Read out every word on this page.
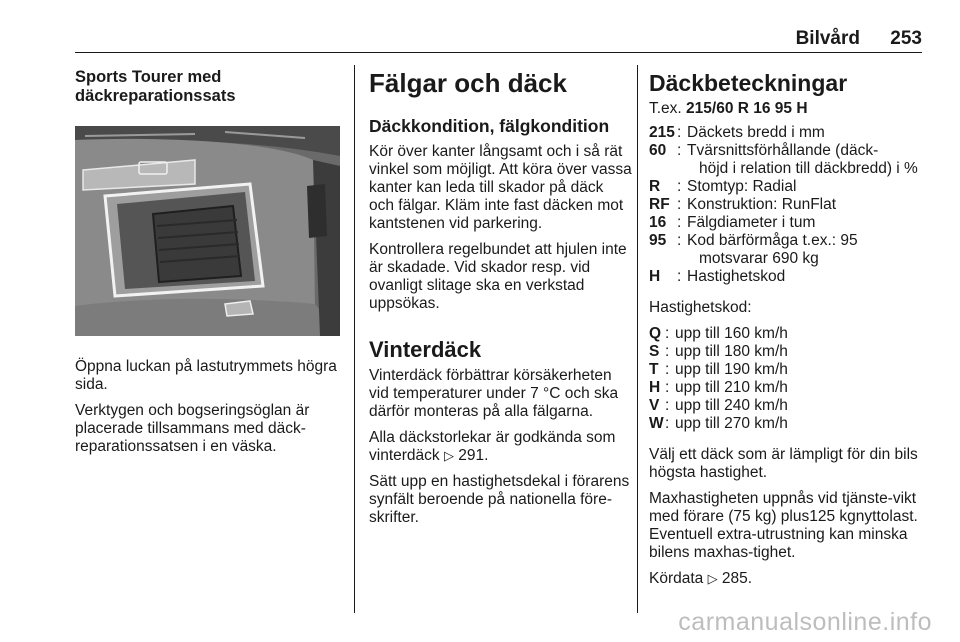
Bilvård 253
Sports Tourer med däckreparationssats

Öppna luckan på lastutrymmets högra sida.

Verktygen och bogseringsöglan är placerade tillsammans med däck-reparationssatsen i en väska.

Fälgar och däck
Däckkondition, fälgkondition

Kör över kanter långsamt och i så rät vinkel som möjligt. Att köra över vassa kanter kan leda till skador på däck och fälgar. Kläm inte fast däcken mot kantstenen vid parkering.

Kontrollera regelbundet att hjulen inte är skadade. Vid skador resp. vid ovanligt slitage ska en verkstad uppsökas.

Vinterdäck

Vinterdäck förbättrar körsäkerheten vid temperaturer under 7 °C och ska därför monteras på alla fälgarna.

Alla däckstorlekar är godkända som vinterdäck ▷ 291.

Sätt upp en hastighetsdekal i förarens synfält beroende på nationella före-skrifter.

Däckbeteckningar

T.ex. 215/60 R 16 95 H

215 : Däckets bredd i mm
60 : Tvärsnittsförhållande (däck-
höjd i relation till däckbredd) i %
R	: Stomtyp: Radial
RF : Konstruktion: RunFlat
16 : Fälgdiameter i tum
95 : Kod bärförmåga t.ex.: 95
motsvarar 690 kg
H	: Hastighetskod

Hastighetskod:

Q : upp till 160 km/h
S : upp till 180 km/h
T : upp till 190 km/h
H : upp till 210 km/h
V : upp till 240 km/h
W : upp till 270 km/h

Välj ett däck som är lämpligt för din bils högsta hastighet.

Maxhastigheten uppnås vid tjänste-vikt med förare (75 kg) plus125 kgnyttolast. Eventuell extra-utrustning kan minska bilens maxhas-tighet.

Kördata ▷ 285.

carmanualsonline.info
